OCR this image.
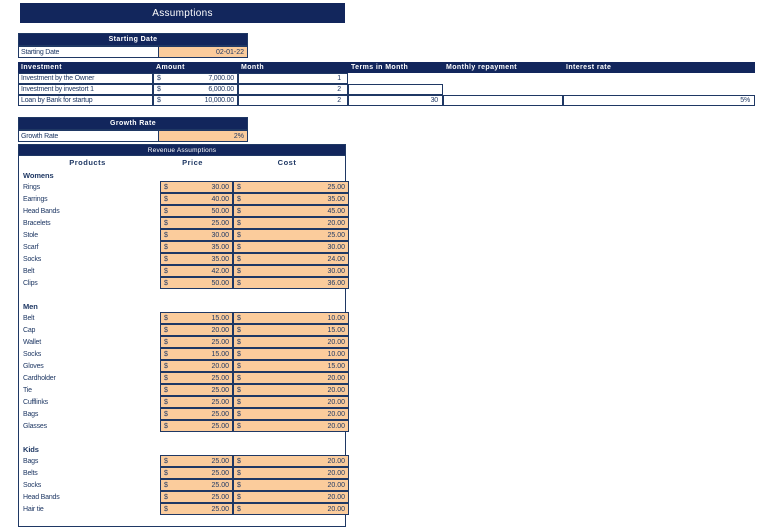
Assumptions
Starting Date
Starting Date	02-01-22
Investment	Amount	Month	Terms in Month	Monthly repayment	Interest rate
Investment by the Owner	$	7,000.00	1
Investment by investort 1	$	6,000.00	2
Loan by Bank for startup	$	10,000.00	2	30	$355.29	5%
Growth Rate
Growth Rate	2%
Revenue Assumptions
Products	Price	Cost
Womens
Rings	$	30.00 $	25.00
Earrings	$	40.00 $	35.00
Head Bands	$	50.00 $	45.00
Bracelets	$	25.00 $	20.00
Stole	$	30.00 $	25.00
Scarf	$	35.00 $	30.00
Socks	$	35.00 $	24.00
Belt	$	42.00 $	30.00
Clips	$	50.00 $	36.00
Men
Belt	$	15.00 $	10.00
Cap	$	20.00 $	15.00
Wallet	$	25.00 $	20.00
Socks	$	15.00 $	10.00
Gloves	$	20.00 $	15.00
Cardholder	$	25.00 $	20.00
Tie	$	25.00 $	20.00
Cufflinks	$	25.00 $	20.00
Bags	$	25.00 $	20.00
Glasses	$	25.00 $	20.00
Kids
Bags	$	25.00 $	20.00
Belts	$	25.00 $	20.00
Socks	$	25.00 $	20.00
Head Bands	$	25.00 $	20.00
Hair tie	$	25.00 $	20.00
